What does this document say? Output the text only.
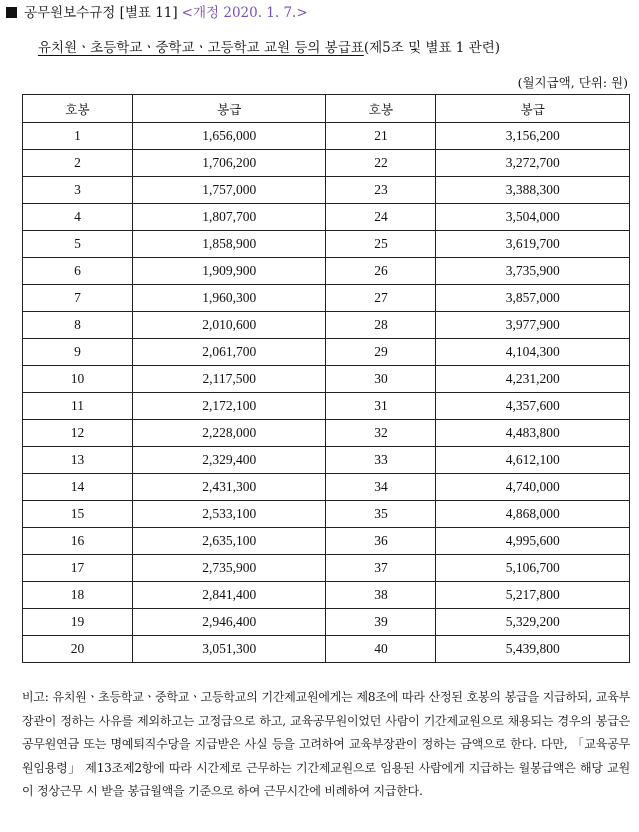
공무원보수규정 [별표 11] <개정 2020. 1. 7.>
유치원ㆍ초등학교ㆍ중학교ㆍ고등학교 교원 등의 봉급표(제5조 및 별표 1 관련)
(월지급액, 단위: 원)
호봉	봉급	호봉	봉급
1	1,656,000	21	3,156,200
2	1,706,200	22	3,272,700
3	1,757,000	23	3,388,300
4	1,807,700	24	3,504,000
5	1,858,900	25	3,619,700
6	1,909,900	26	3,735,900
7	1,960,300	27	3,857,000
8	2,010,600	28	3,977,900
9	2,061,700	29	4,104,300
10	2,117,500	30	4,231,200
11	2,172,100	31	4,357,600
12	2,228,000	32	4,483,800
13	2,329,400	33	4,612,100
14	2,431,300	34	4,740,000
15	2,533,100	35	4,868,000
16	2,635,100	36	4,995,600
17	2,735,900	37	5,106,700
18	2,841,400	38	5,217,800
19	2,946,400	39	5,329,200
20	3,051,300	40	5,439,800
비고: 유치원ㆍ초등학교ㆍ중학교ㆍ고등학교의 기간제교원에게는 제8조에 따라 산정된 호봉의 봉급을 지급하되, 교육부장관이 정하는 사유를 제외하고는 고정급으로 하고, 교육공무원이었던 사람이 기간제교원으로 채용되는 경우의 봉급은 공무원연금 또는 명예퇴직수당을 지급받은 사실 등을 고려하여 교육부장관이 정하는 금액으로 한다. 다만, 「교육공무원임용령」 제13조제2항에 따라 시간제로 근무하는 기간제교원으로 임용된 사람에게 지급하는 월봉급액은 해당 교원이 정상근무 시 받을 봉급월액을 기준으로 하여 근무시간에 비례하여 지급한다.
